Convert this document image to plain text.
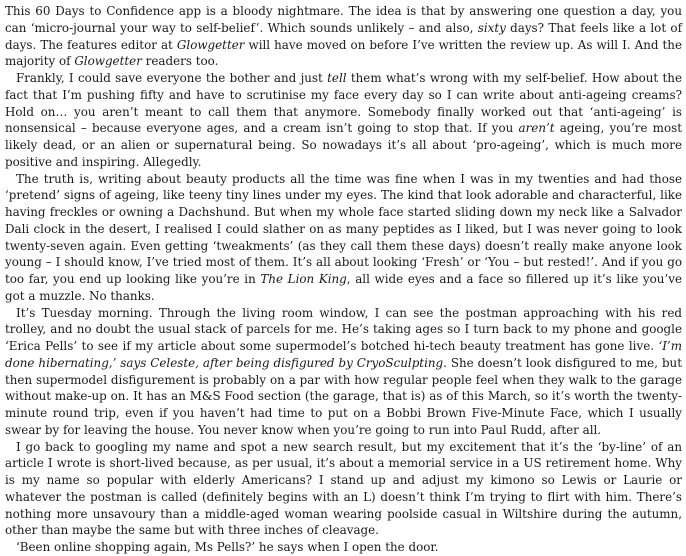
This 60 Days to Confidence app is a bloody nightmare. The idea is that by answering one question a day, you can ‘micro-journal your way to self-belief’. Which sounds unlikely – and also, sixty days? That feels like a lot of days. The features editor at Glowgetter will have moved on before I’ve written the review up. As will I. And the majority of Glowgetter readers too.

Frankly, I could save everyone the bother and just tell them what’s wrong with my self-belief. How about the fact that I’m pushing fifty and have to scrutinise my face every day so I can write about anti-ageing creams? Hold on… you aren’t meant to call them that anymore. Somebody finally worked out that ‘anti-ageing’ is nonsensical – because everyone ages, and a cream isn’t going to stop that. If you aren’t ageing, you’re most likely dead, or an alien or supernatural being. So nowadays it’s all about ‘pro-ageing’, which is much more positive and inspiring. Allegedly.

The truth is, writing about beauty products all the time was fine when I was in my twenties and had those ‘pretend’ signs of ageing, like teeny tiny lines under my eyes. The kind that look adorable and characterful, like having freckles or owning a Dachshund. But when my whole face started sliding down my neck like a Salvador Dali clock in the desert, I realised I could slather on as many peptides as I liked, but I was never going to look twenty-seven again. Even getting ‘tweakments’ (as they call them these days) doesn’t really make anyone look young – I should know, I’ve tried most of them. It’s all about looking ‘Fresh’ or ‘You – but rested!’. And if you go too far, you end up looking like you’re in The Lion King, all wide eyes and a face so fillered up it’s like you’ve got a muzzle. No thanks.

It’s Tuesday morning. Through the living room window, I can see the postman approaching with his red trolley, and no doubt the usual stack of parcels for me. He’s taking ages so I turn back to my phone and google ‘Erica Pells’ to see if my article about some supermodel’s botched hi-tech beauty treatment has gone live. ‘I’m done hibernating,’ says Celeste, after being disfigured by CryoSculpting. She doesn’t look disfigured to me, but then supermodel disfigurement is probably on a par with how regular people feel when they walk to the garage without make-up on. It has an M&S Food section (the garage, that is) as of this March, so it’s worth the twenty-minute round trip, even if you haven’t had time to put on a Bobbi Brown Five-Minute Face, which I usually swear by for leaving the house. You never know when you’re going to run into Paul Rudd, after all.

I go back to googling my name and spot a new search result, but my excitement that it’s the ‘by-line’ of an article I wrote is short-lived because, as per usual, it’s about a memorial service in a US retirement home. Why is my name so popular with elderly Americans? I stand up and adjust my kimono so Lewis or Laurie or whatever the postman is called (definitely begins with an L) doesn’t think I’m trying to flirt with him. There’s nothing more unsavoury than a middle-aged woman wearing poolside casual in Wiltshire during the autumn, other than maybe the same but with three inches of cleavage.

‘Been online shopping again, Ms Pells?’ he says when I open the door.
